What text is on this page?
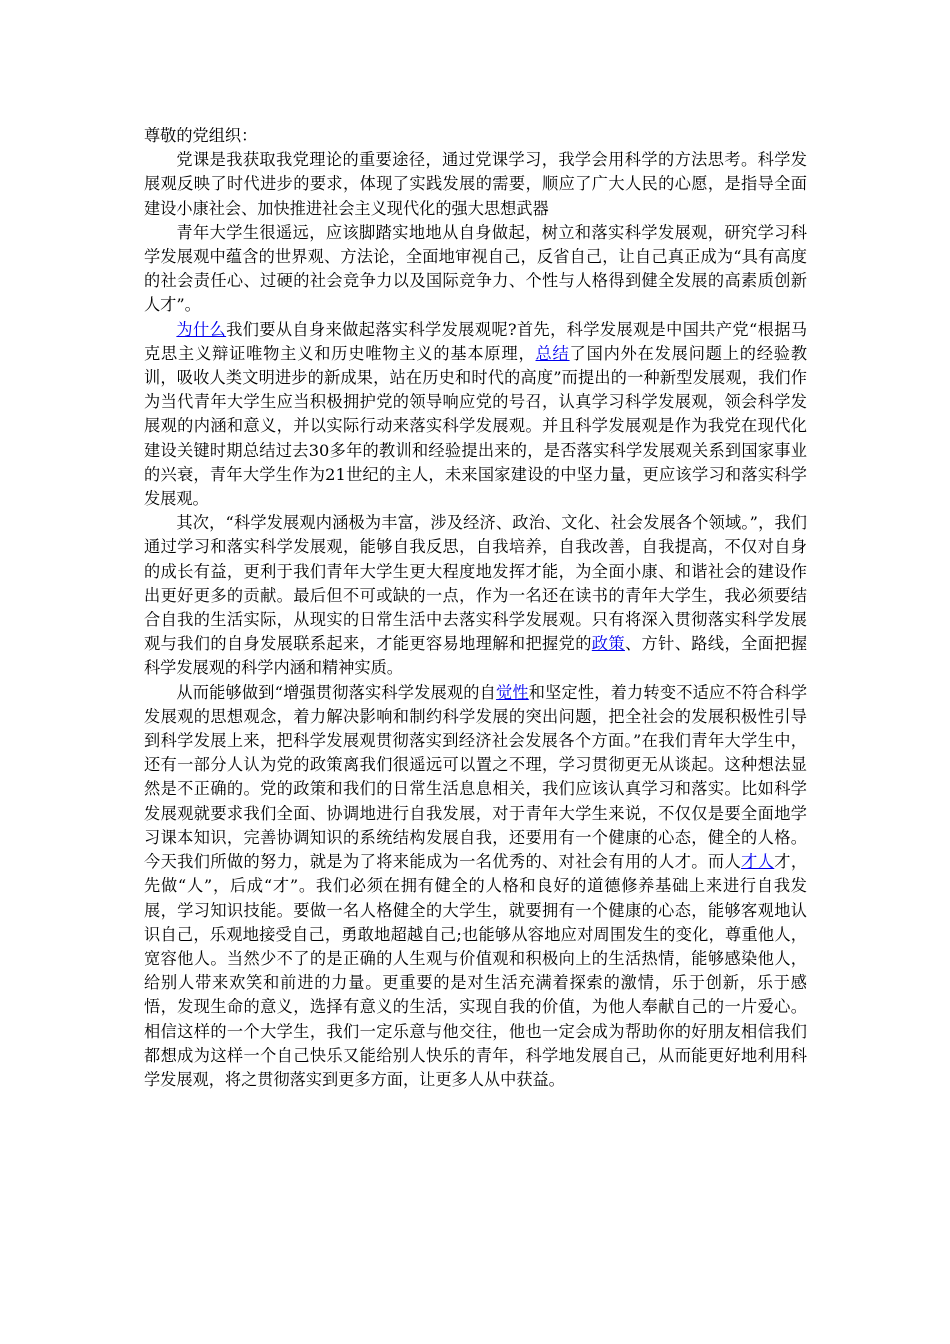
尊敬的党组织：

党课是我获取我党理论的重要途径，通过党课学习，我学会用科学的方法思考。科学发展观反映了时代进步的要求，体现了实践发展的需要，顺应了广大人民的心愿，是指导全面建设小康社会、加快推进社会主义现代化的强大思想武器

青年大学生很遥远，应该脚踏实地地从自身做起，树立和落实科学发展观，研究学习科学发展观中蕴含的世界观、方法论，全面地审视自己，反省自己，让自己真正成为“具有高度的社会责任心、过硬的社会竞争力以及国际竞争力、个性与人格得到健全发展的高素质创新人才”。

为什么我们要从自身来做起落实科学发展观呢?首先，科学发展观是中国共产党“根据马克思主义辩证唯物主义和历史唯物主义的基本原理，总结了国内外在发展问题上的经验教训，吸收人类文明进步的新成果，站在历史和时代的高度”而提出的一种新型发展观，我们作为当代青年大学生应当积极拥护党的领导响应党的号召，认真学习科学发展观，领会科学发展观的内涵和意义，并以实际行动来落实科学发展观。并且科学发展观是作为我党在现代化建设关键时期总结过去30多年的教训和经验提出来的，是否落实科学发展观关系到国家事业的兴衰，青年大学生作为21世纪的主人，未来国家建设的中坚力量，更应该学习和落实科学发展观。

其次，“科学发展观内涵极为丰富，涉及经济、政治、文化、社会发展各个领域。”，我们通过学习和落实科学发展观，能够自我反思，自我培养，自我改善，自我提高，不仅对自身的成长有益，更利于我们青年大学生更大程度地发挥才能，为全面小康、和谐社会的建设作出更好更多的贡献。最后但不可或缺的一点，作为一名还在读书的青年大学生，我必须要结合自我的生活实际，从现实的日常生活中去落实科学发展观。只有将深入贯彻落实科学发展观与我们的自身发展联系起来，才能更容易地理解和把握党的政策、方针、路线，全面把握科学发展观的科学内涵和精神实质。

从而能够做到“增强贯彻落实科学发展观的自觉性和坚定性，着力转变不适应不符合科学发展观的思想观念，着力解决影响和制约科学发展的突出问题，把全社会的发展积极性引导到科学发展上来，把科学发展观贯彻落实到经济社会发展各个方面。”在我们青年大学生中，还有一部分人认为党的政策离我们很遥远可以置之不理，学习贯彻更无从谈起。这种想法显然是不正确的。党的政策和我们的日常生活息息相关，我们应该认真学习和落实。比如科学发展观就要求我们全面、协调地进行自我发展，对于青年大学生来说，不仅仅是要全面地学习课本知识，完善协调知识的系统结构发展自我，还要用有一个健康的心态，健全的人格。今天我们所做的努力，就是为了将来能成为一名优秀的、对社会有用的人才。而人才人才，先做“人”，后成“才”。我们必须在拥有健全的人格和良好的道德修养基础上来进行自我发展，学习知识技能。要做一名人格健全的大学生，就要拥有一个健康的心态，能够客观地认识自己，乐观地接受自己，勇敢地超越自己;也能够从容地应对周围发生的变化，尊重他人，宽容他人。当然少不了的是正确的人生观与价值观和积极向上的生活热情，能够感染他人，给别人带来欢笑和前进的力量。更重要的是对生活充满着探索的激情，乐于创新，乐于感悟，发现生命的意义，选择有意义的生活，实现自我的价值，为他人奉献自己的一片爱心。相信这样的一个大学生，我们一定乐意与他交往，他也一定会成为帮助你的好朋友相信我们都想成为这样一个自己快乐又能给别人快乐的青年，科学地发展自己，从而能更好地利用科学发展观，将之贯彻落实到更多方面，让更多人从中获益。
